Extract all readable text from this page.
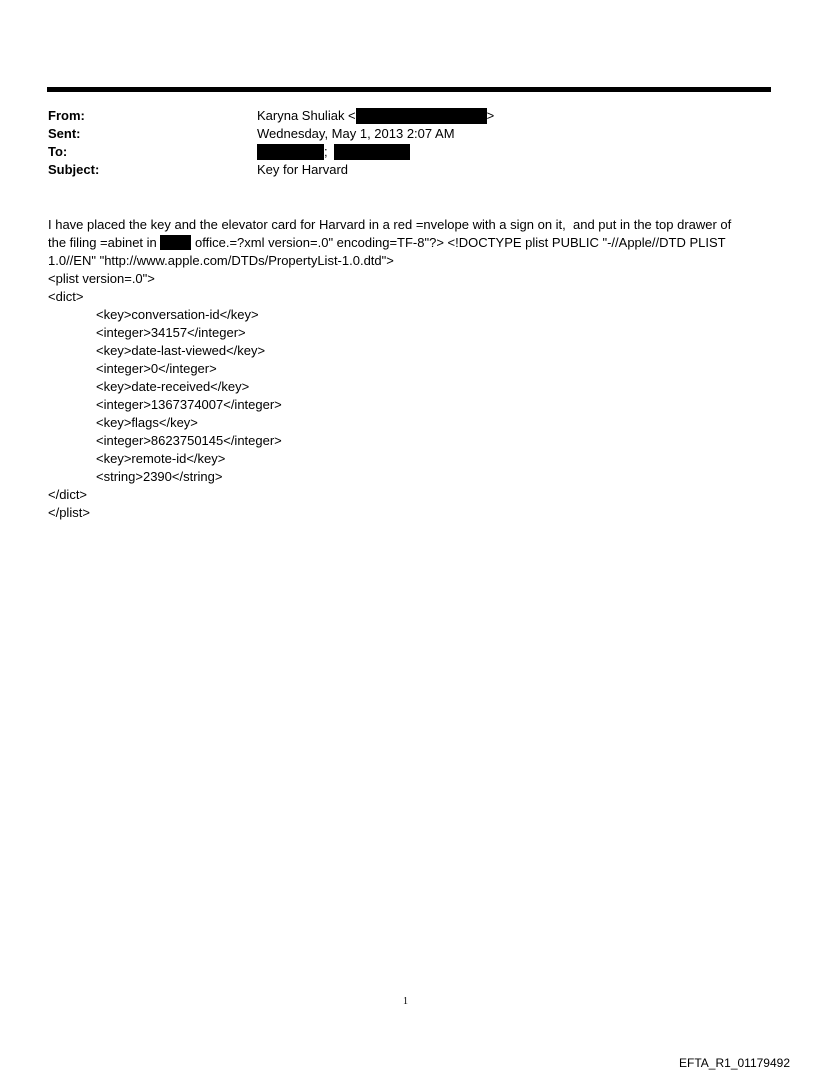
From:	Karyna Shuliak <	>
Sent:	Wednesday, May 1, 2013 2:07 AM
To:	;
Subject:	Key for Harvard
I have placed the key and the elevator card for Harvard in a red =nvelope with a sign on it,  and put in the top drawer of
the filing =abinet in  office.=?xml version=.0" encoding=TF-8"?> <!DOCTYPE plist PUBLIC "-//Apple//DTD PLIST
1.0//EN" "http://www.apple.com/DTDs/PropertyList-1.0.dtd">
<plist version=.0">
<dict>
<key>conversation-id</key>
<integer>34157</integer>
<key>date-last-viewed</key>
<integer>0</integer>
<key>date-received</key>
<integer>1367374007</integer>
<key>flags</key>
<integer>8623750145</integer>
<key>remote-id</key>
<string>2390</string>
</dict>
</plist>
1
EFTA_R1_01179492
